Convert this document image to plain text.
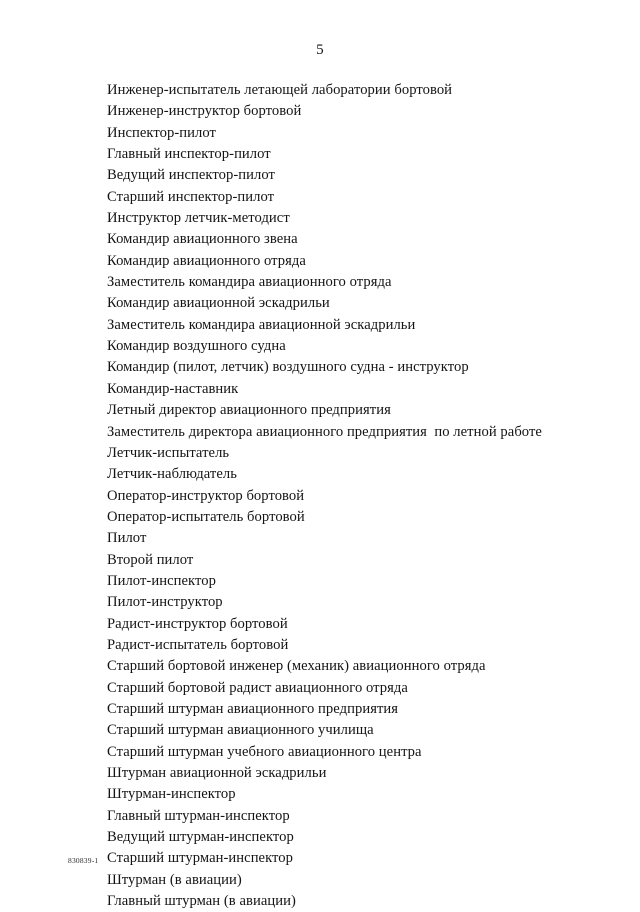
5
Инженер-испытатель летающей лаборатории бортовой
Инженер-инструктор бортовой
Инспектор-пилот
Главный инспектор-пилот
Ведущий инспектор-пилот
Старший инспектор-пилот
Инструктор летчик-методист
Командир авиационного звена
Командир авиационного отряда
Заместитель командира авиационного отряда
Командир авиационной эскадрильи
Заместитель командира авиационной эскадрильи
Командир воздушного судна
Командир (пилот, летчик) воздушного судна - инструктор
Командир-наставник
Летный директор авиационного предприятия
Заместитель директора авиационного предприятия  по летной работе
Летчик-испытатель
Летчик-наблюдатель
Оператор-инструктор бортовой
Оператор-испытатель бортовой
Пилот
Второй пилот
Пилот-инспектор
Пилот-инструктор
Радист-инструктор бортовой
Радист-испытатель бортовой
Старший бортовой инженер (механик) авиационного отряда
Старший бортовой радист авиационного отряда
Старший штурман авиационного предприятия
Старший штурман авиационного училища
Старший штурман учебного авиационного центра
Штурман авиационной эскадрильи
Штурман-инспектор
Главный штурман-инспектор
Ведущий штурман-инспектор
Старший штурман-инспектор
Штурман (в авиации)
Главный штурман (в авиации)
830839-1
